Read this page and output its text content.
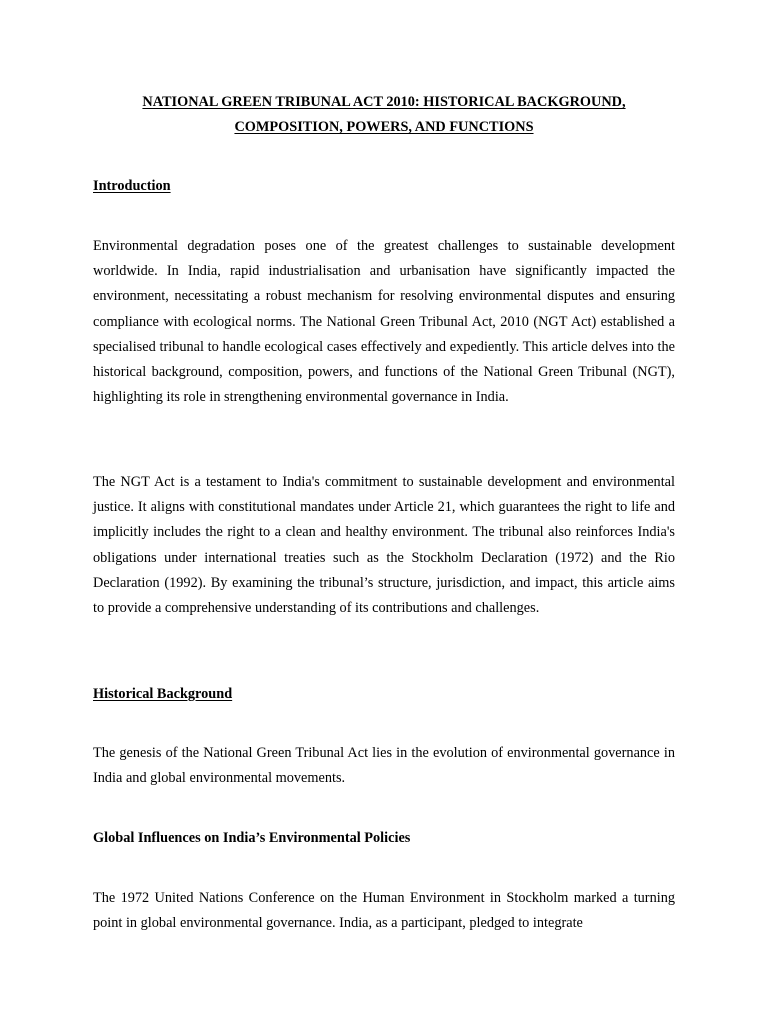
NATIONAL GREEN TRIBUNAL ACT 2010: HISTORICAL BACKGROUND,
COMPOSITION, POWERS, AND FUNCTIONS
Introduction

Environmental degradation poses one of the greatest challenges to sustainable development worldwide. In India, rapid industrialisation and urbanisation have significantly impacted the environment, necessitating a robust mechanism for resolving environmental disputes and ensuring compliance with ecological norms. The National Green Tribunal Act, 2010 (NGT Act) established a specialised tribunal to handle ecological cases effectively and expediently. This article delves into the historical background, composition, powers, and functions of the National Green Tribunal (NGT), highlighting its role in strengthening environmental governance in India.

The NGT Act is a testament to India's commitment to sustainable development and environmental justice. It aligns with constitutional mandates under Article 21, which guarantees the right to life and implicitly includes the right to a clean and healthy environment. The tribunal also reinforces India's obligations under international treaties such as the Stockholm Declaration (1972) and the Rio Declaration (1992). By examining the tribunal’s structure, jurisdiction, and impact, this article aims to provide a comprehensive understanding of its contributions and challenges.

Historical Background

The genesis of the National Green Tribunal Act lies in the evolution of environmental governance in India and global environmental movements.

Global Influences on India’s Environmental Policies

The 1972 United Nations Conference on the Human Environment in Stockholm marked a turning point in global environmental governance. India, as a participant, pledged to integrate
